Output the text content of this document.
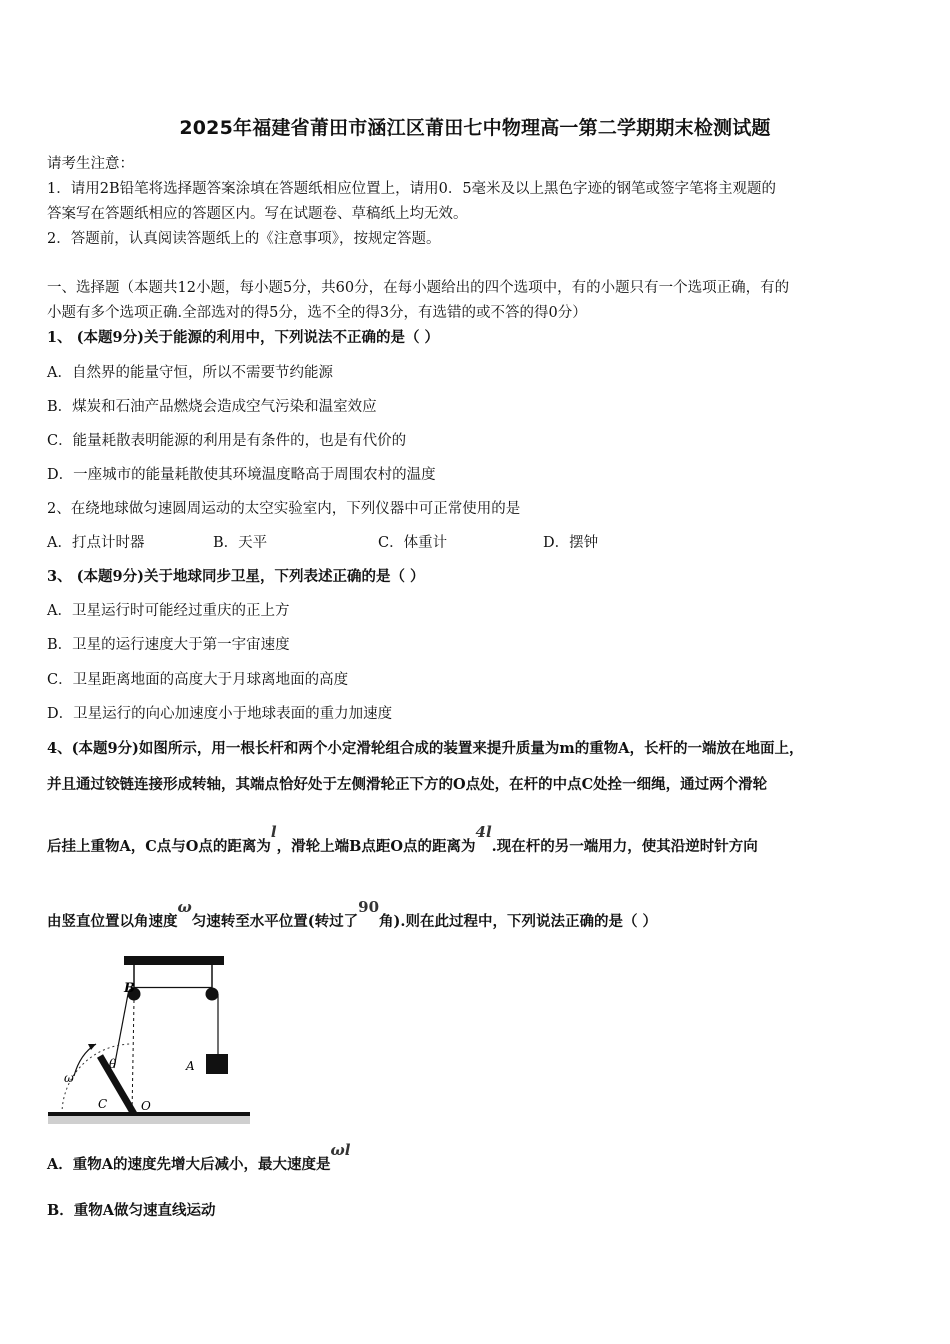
2025年福建省莆田市涵江区莆田七中物理高一第二学期期末检测试题
请考生注意：
1．请用2B铅笔将选择题答案涂填在答题纸相应位置上，请用0．5毫米及以上黑色字迹的钢笔或签字笔将主观题的
答案写在答题纸相应的答题区内。写在试题卷、草稿纸上均无效。
2．答题前，认真阅读答题纸上的《注意事项》，按规定答题。
一、选择题（本题共12小题，每小题5分，共60分，在每小题给出的四个选项中，有的小题只有一个选项正确，有的
小题有多个选项正确.全部选对的得5分，选不全的得3分，有选错的或不答的得0分）
1、 (本题9分)关于能源的利用中，下列说法不正确的是（ ）
A．自然界的能量守恒，所以不需要节约能源
B．煤炭和石油产品燃烧会造成空气污染和温室效应
C．能量耗散表明能源的利用是有条件的，也是有代价的
D．一座城市的能量耗散使其环境温度略高于周围农村的温度
2、在绕地球做匀速圆周运动的太空实验室内，下列仪器中可正常使用的是
A．打点计时器	B．天平	C．体重计	D．摆钟
3、 (本题9分)关于地球同步卫星，下列表述正确的是（ ）
A．卫星运行时可能经过重庆的正上方
B．卫星的运行速度大于第一宇宙速度
C．卫星距离地面的高度大于月球离地面的高度
D．卫星运行的向心加速度小于地球表面的重力加速度
4、(本题9分)如图所示，用一根长杆和两个小定滑轮组合成的装置来提升质量为m的重物A，长杆的一端放在地面上，
并且通过铰链连接形成转轴，其端点恰好处于左侧滑轮正下方的O点处，在杆的中点C处拴一细绳，通过两个滑轮
后挂上重物A，C点与O点的距离为l，滑轮上端B点距O点的距离为4l.现在杆的另一端用力，使其沿逆时针方向
由竖直位置以角速度ω匀速转至水平位置(转过了90角).则在此过程中，下列说法正确的是（ ）
B
A
θ
ω
C	O
A．重物A的速度先增大后减小，最大速度是ωl
B．重物A做匀速直线运动
